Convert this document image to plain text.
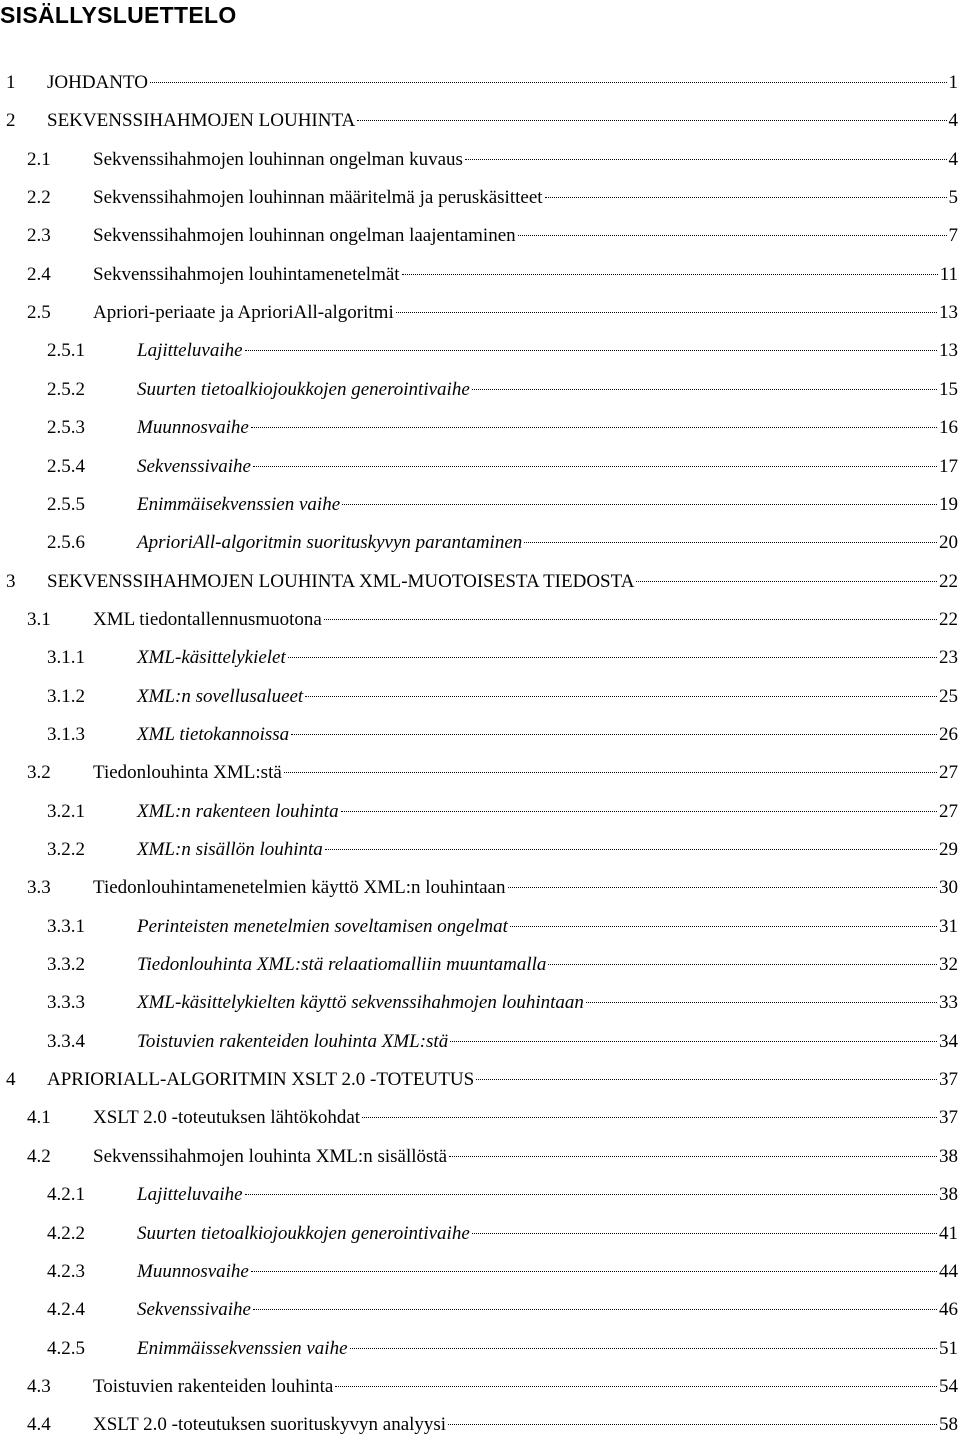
SISÄLLYSLUETTELO
1 JOHDANTO	1
2 SEKVENSSIHAHMOJEN LOUHINTA	4
2.1 Sekvenssihahmojen louhinnan ongelman kuvaus	4
2.2 Sekvenssihahmojen louhinnan määritelmä ja peruskäsitteet	5
2.3 Sekvenssihahmojen louhinnan ongelman laajentaminen	7
2.4 Sekvenssihahmojen louhintamenetelmät	11
2.5 Apriori-periaate ja AprioriAll-algoritmi	13
2.5.1	Lajitteluvaihe	13
2.5.2	Suurten tietoalkiojoukkojen generointivaihe	15
2.5.3	Muunnosvaihe	16
2.5.4	Sekvenssivaihe	17
2.5.5	Enimmäisekvenssien vaihe	19
2.5.6	AprioriAll-algoritmin suorituskyvyn parantaminen	20
3 SEKVENSSIHAHMOJEN LOUHINTA XML-MUOTOISESTA TIEDOSTA	22
3.1 XML tiedontallennusmuotona	22
3.1.1	XML-käsittelykielet	23
3.1.2	XML:n sovellusalueet	25
3.1.3	XML tietokannoissa	26
3.2 Tiedonlouhinta XML:stä	27
3.2.1	XML:n rakenteen louhinta	27
3.2.2	XML:n sisällön louhinta	29
3.3 Tiedonlouhintamenetelmien käyttö XML:n louhintaan	30
3.3.1	Perinteisten menetelmien soveltamisen ongelmat	31
3.3.2	Tiedonlouhinta XML:stä relaatiomalliin muuntamalla	32
3.3.3	XML-käsittelykielten käyttö sekvenssihahmojen louhintaan	33
3.3.4	Toistuvien rakenteiden louhinta XML:stä	34
4 APRIORIALL-ALGORITMIN XSLT 2.0 -TOTEUTUS	37
4.1 XSLT 2.0 -toteutuksen lähtökohdat	37
4.2 Sekvenssihahmojen louhinta XML:n sisällöstä	38
4.2.1	Lajitteluvaihe	38
4.2.2	Suurten tietoalkiojoukkojen generointivaihe	41
4.2.3	Muunnosvaihe	44
4.2.4	Sekvenssivaihe	46
4.2.5	Enimmäissekvenssien vaihe	51
4.3 Toistuvien rakenteiden louhinta	54
4.4 XSLT 2.0 -toteutuksen suorituskyvyn analyysi	58
